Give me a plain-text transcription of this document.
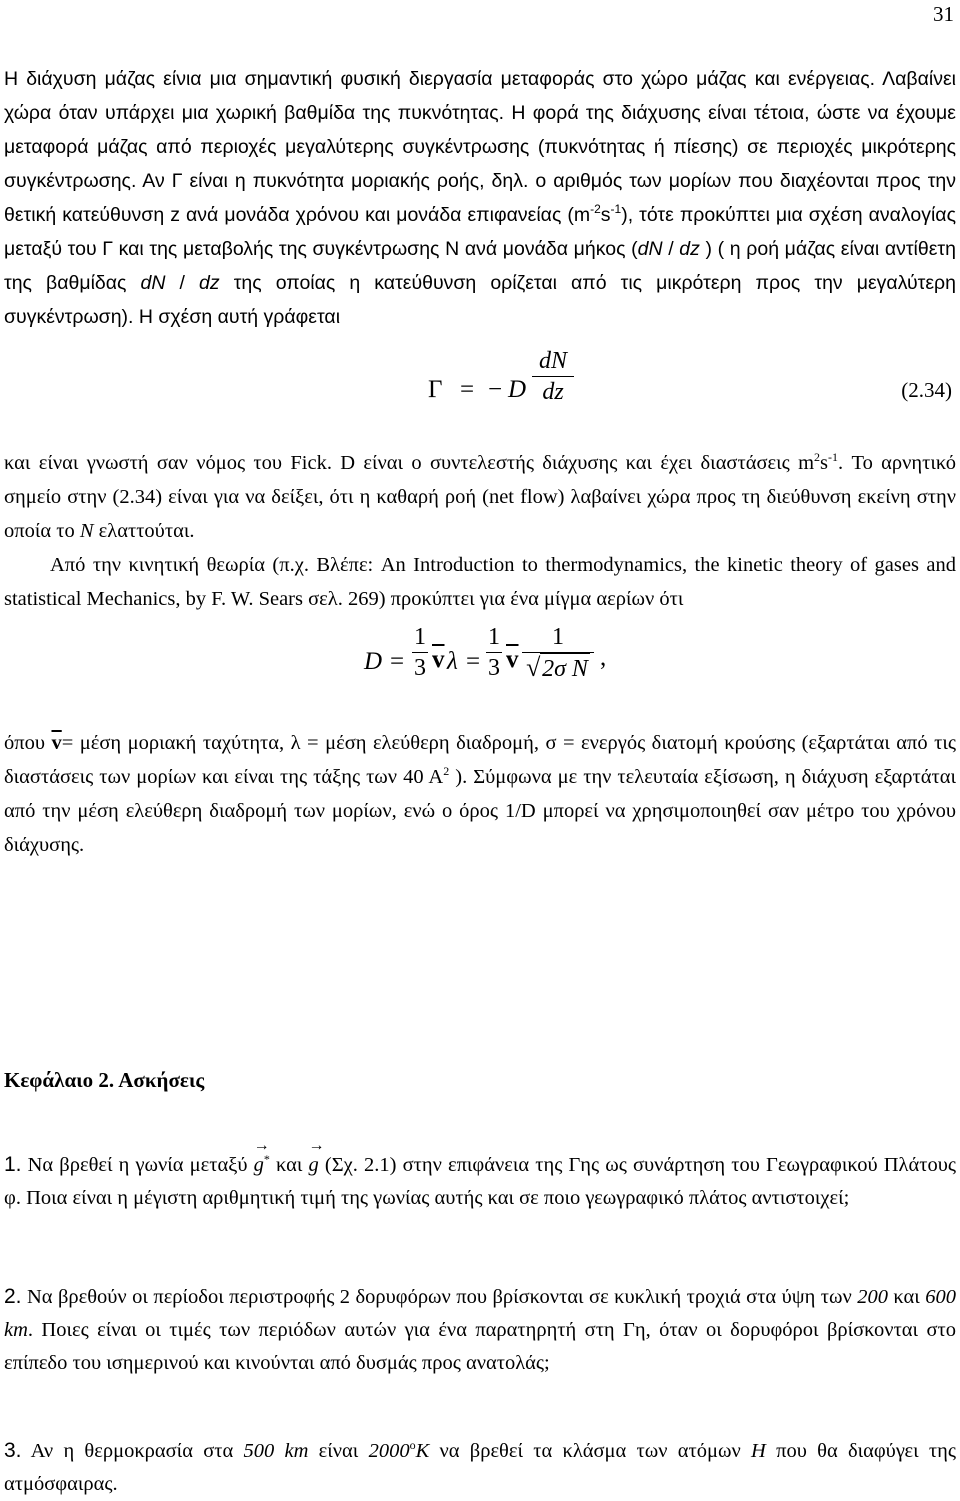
31

Η διάχυση μάζας είνια μια σημαντική φυσική διεργασία μεταφοράς στο χώρο μάζας και ενέργειας. Λαβαίνει χώρα όταν υπάρχει μια χωρική βαθμίδα της πυκνότητας. Η φορά της διάχυσης είναι τέτοια, ώστε να έχουμε μεταφορά μάζας από περιοχές μεγαλύτερης συγκέντρωσης (πυκνότητας ή πίεσης) σε περιοχές μικρότερης συγκέντρωσης. Αν Γ είναι η πυκνότητα μοριακής ροής, δηλ. ο αριθμός των μορίων που διαχέονται προς την θετική κατεύθυνση z ανά μονάδα χρόνου και μονάδα επιφανείας $(m^{-2}s^{-1})$, τότε προκύπτει μια σχέση αναλογίας μεταξύ του Γ και της μεταβολής της συγκέντρωσης N ανά μονάδα μήκος (dN / dz ) ( η ροή μάζας είναι αντίθετη της βαθμίδας dN / dz της οποίας η κατεύθυνση ορίζεται από τις μικρότερη προς την μεγαλύτερη συγκέντρωση). Η σχέση αυτή γράφεται

Γ = − D $\frac{dN}{dz}$	(2.34)

και είναι γνωστή σαν νόμος του Fick. D είναι ο συντελεστής διάχυσης και έχει διαστάσεις $m^2s^{-1}$. Το αρνητικό σημείο στην (2.34) είναι για να δείξει, ότι η καθαρή ροή (net flow) λαβαίνει χώρα προς τη διεύθυνση εκείνη στην οποία το N ελαττούται.

Από την κινητική θεωρία (π.χ. Βλέπε: An Introduction to thermodynamics, the kinetic theory of gases and statistical Mechanics, by F. W. Sears σελ. 269) προκύπτει για ένα μίγμα αερίων ότι

$D = \frac{1}{3} \overline{v}$ $\lambda = \frac{1}{3} \overline{v} \frac{1}{\text{√ 2σ N}}$ ,

όπου $\overline{v}= \mu έ\sigma\eta$ μοριακή ταχύτητα, λ = μέση ελεύθερη διαδρομή, σ = ενεργός διατομή κρούσης (εξαρτάται από τις διαστάσεις των μορίων και είναι της τάξης των 40 $A^2$ ). Σύμφωνα με την τελευταία εξίσωση, η διάχυση εξαρτάται από την μέση ελεύθερη διαδρομή των μορίων, ενώ ο όρος 1/D μπορεί να χρησιμοποιηθεί σαν μέτρο του χρόνου διάχυσης.

Κεφάλαιο 2. Ασκήσεις

1. Να βρεθεί η γωνία μεταξύ → g* και → g (Σχ. 2.1) στην επιφάνεια της Γης ως συνάρτηση του Γεωγραφικού Πλάτους φ. Ποια είναι η μέγιστη αριθμητική τιμή της γωνίας αυτής και σε ποιο γεωγραφικό πλάτος αντιστοιχεί;

2. Να βρεθούν οι περίοδοι περιστροφής 2 δορυφόρων που βρίσκονται σε κυκλική τροχιά στα ύψη των 200 και 600 km. Ποιες είναι οι τιμές των περιόδων αυτών για ένα παρατηρητή στη Γη, όταν οι δορυφόροι βρίσκονται στο επίπεδο του ισημερινού και κινούνται από δυσμάς προς ανατολάς;

3. Αν η θερμοκρασία στα 500 km είναι 2000$^o$K να βρεθεί τα κλάσμα των ατόμων H που θα διαφύγει της ατμόσφαιρας.
